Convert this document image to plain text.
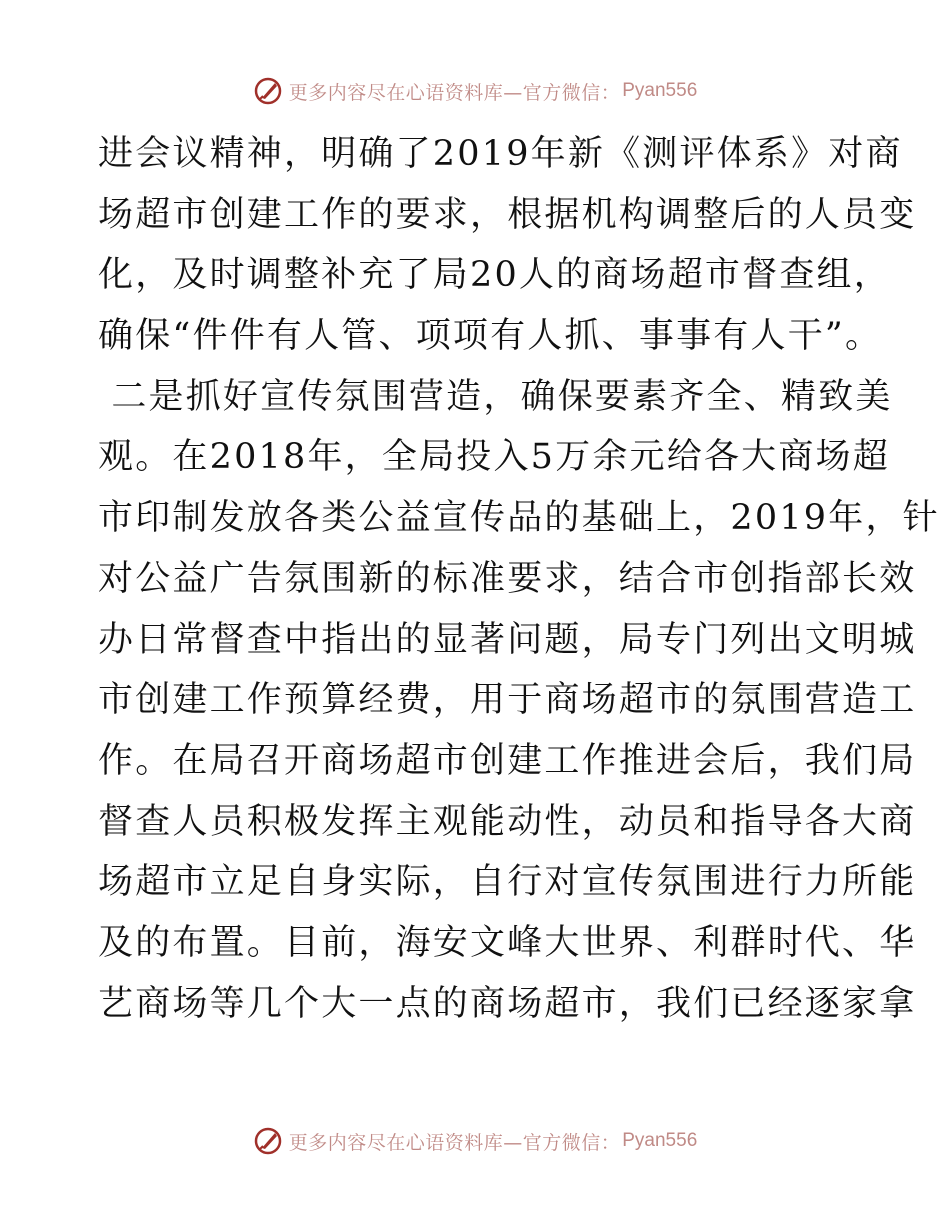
更多内容尽在心语资料库—官方微信： Pyan556
进会议精神，明确了2019年新《测评体系》对商
场超市创建工作的要求，根据机构调整后的人员变
化，及时调整补充了局20人的商场超市督查组，
确保“件件有人管、项项有人抓、事事有人干”。
二是抓好宣传氛围营造，确保要素齐全、精致美
观。在2018年，全局投入5万余元给各大商场超
市印制发放各类公益宣传品的基础上，2019年，针
对公益广告氛围新的标准要求，结合市创指部长效
办日常督查中指出的显著问题，局专门列出文明城
市创建工作预算经费，用于商场超市的氛围营造工
作。在局召开商场超市创建工作推进会后，我们局
督查人员积极发挥主观能动性，动员和指导各大商
场超市立足自身实际，自行对宣传氛围进行力所能
及的布置。目前，海安文峰大世界、利群时代、华
艺商场等几个大一点的商场超市，我们已经逐家拿
更多内容尽在心语资料库—官方微信： Pyan556
